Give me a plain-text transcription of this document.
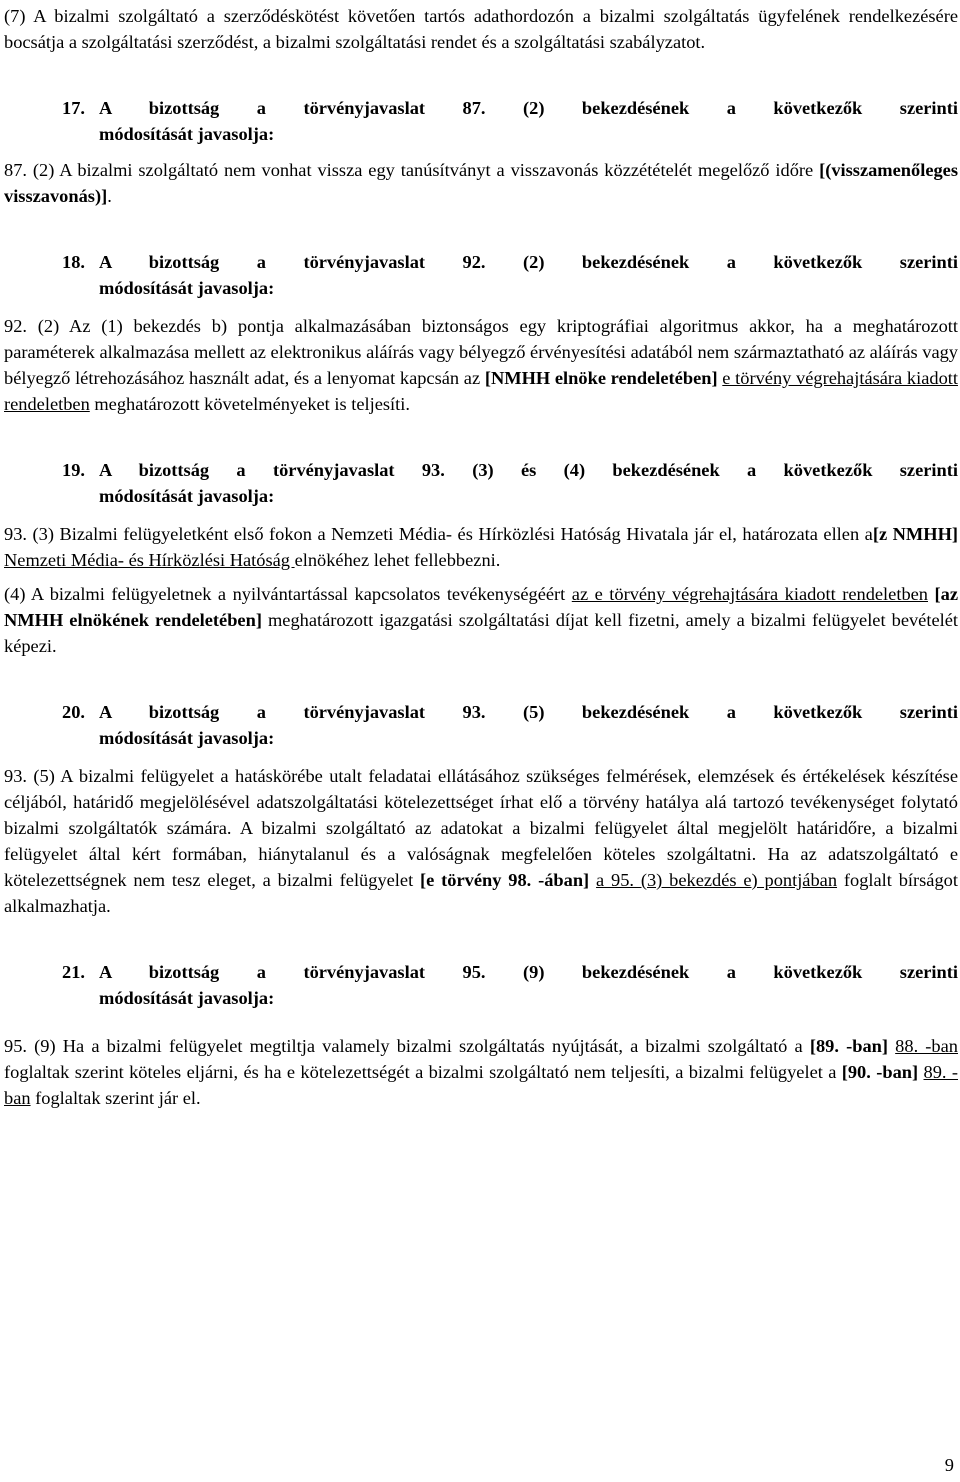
(7) A bizalmi szolgáltató a szerződéskötést követően tartós adathordozón a bizalmi szolgáltatás ügyfelének rendelkezésére bocsátja a szolgáltatási szerződést, a bizalmi szolgáltatási rendet és a szolgáltatási szabályzatot.

17. A bizottság a törvényjavaslat 87. (2) bekezdésének a következők szerinti
módosítását javasolja:

87. (2) A bizalmi szolgáltató nem vonhat vissza egy tanúsítványt a visszavonás közzétételét megelőző időre [(visszamenőleges visszavonás)].

18. A bizottság a törvényjavaslat 92. (2) bekezdésének a következők szerinti
módosítását javasolja:

92. (2) Az (1) bekezdés b) pontja alkalmazásában biztonságos egy kriptográfiai algoritmus akkor, ha a meghatározott paraméterek alkalmazása mellett az elektronikus aláírás vagy bélyegző érvényesítési adatából nem származtatható az aláírás vagy bélyegző létrehozásához használt adat, és a lenyomat kapcsán az [NMHH elnöke rendeletében] e törvény végrehajtására kiadott rendeletben meghatározott követelményeket is teljesíti.

19. A bizottság a törvényjavaslat 93. (3) és (4) bekezdésének a következők szerinti
módosítását javasolja:

93. (3) Bizalmi felügyeletként első fokon a Nemzeti Média- és Hírközlési Hatóság Hivatala jár el, határozata ellen a[z NMHH] Nemzeti Média- és Hírközlési Hatóság elnökéhez lehet fellebbezni.

(4) A bizalmi felügyeletnek a nyilvántartással kapcsolatos tevékenységéért az e törvény végrehajtására kiadott rendeletben [az NMHH elnökének rendeletében] meghatározott igazgatási szolgáltatási díjat kell fizetni, amely a bizalmi felügyelet bevételét képezi.

20. A bizottság a törvényjavaslat 93. (5) bekezdésének a következők szerinti
módosítását javasolja:

93. (5) A bizalmi felügyelet a hatáskörébe utalt feladatai ellátásához szükséges felmérések, elemzések és értékelések készítése céljából, határidő megjelölésével adatszolgáltatási kötelezettséget írhat elő a törvény hatálya alá tartozó tevékenységet folytató bizalmi szolgáltatók számára. A bizalmi szolgáltató az adatokat a bizalmi felügyelet által megjelölt határidőre, a bizalmi felügyelet által kért formában, hiánytalanul és a valóságnak megfelelően köteles szolgáltatni. Ha az adatszolgáltató e kötelezettségnek nem tesz eleget, a bizalmi felügyelet [e törvény 98. -ában] a 95. (3) bekezdés e) pontjában foglalt bírságot alkalmazhatja.

21. A bizottság a törvényjavaslat 95. (9) bekezdésének a következők szerinti
módosítását javasolja:

95. (9) Ha a bizalmi felügyelet megtiltja valamely bizalmi szolgáltatás nyújtását, a bizalmi szolgáltató a [89. -ban] 88. -ban foglaltak szerint köteles eljárni, és ha e kötelezettségét a bizalmi szolgáltató nem teljesíti, a bizalmi felügyelet a [90. -ban] 89. -ban foglaltak szerint jár el.

9
